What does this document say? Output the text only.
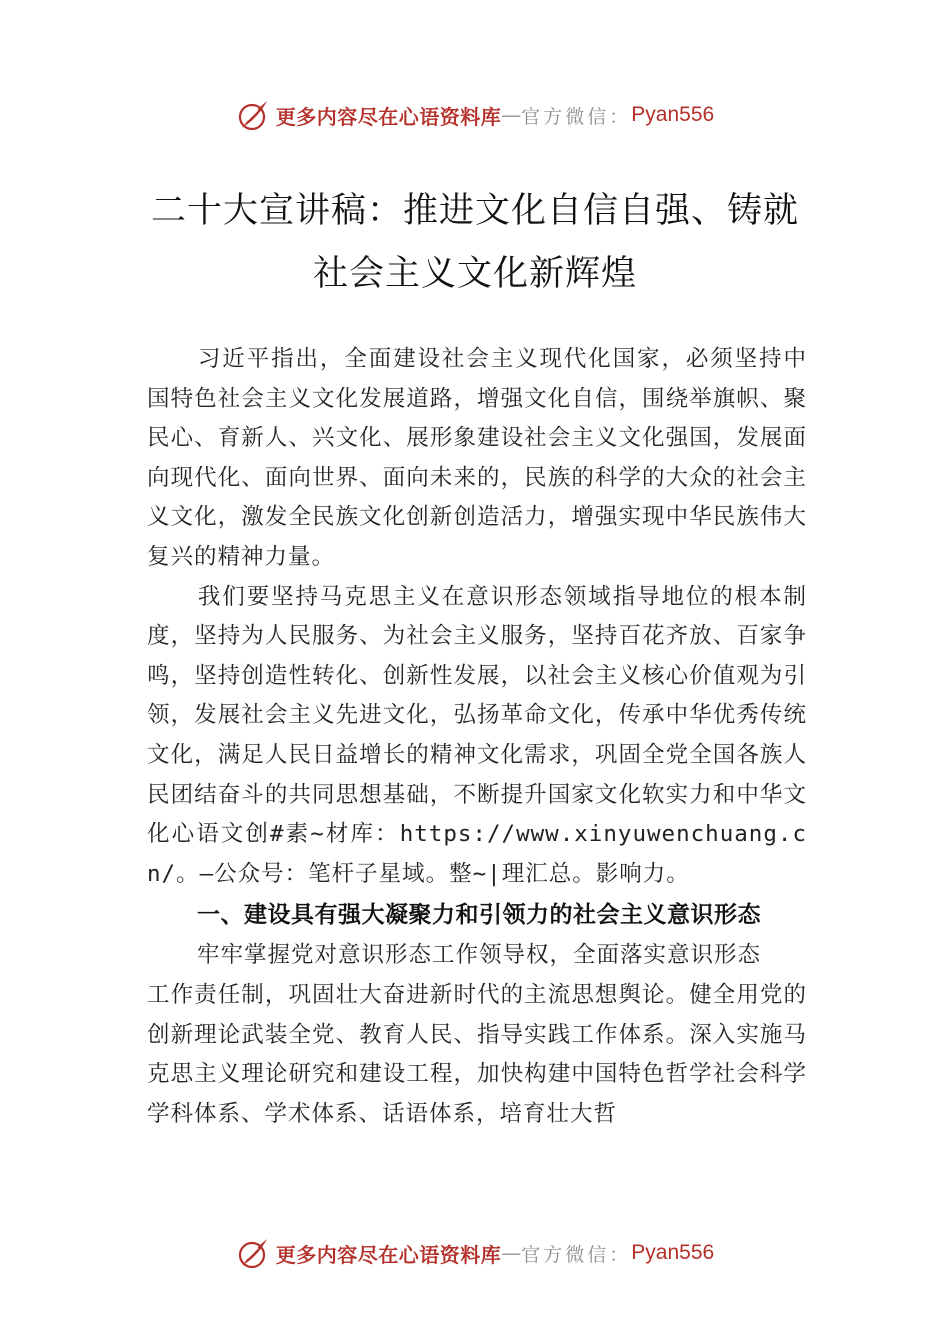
更多内容尽在心语资料库 — 官方微信： Pyan556
二十大宣讲稿：推进文化自信自强、铸就
社会主义文化新辉煌

习近平指出，全面建设社会主义现代化国家，必须坚持中国特色社会主义文化发展道路，增强文化自信，围绕举旗帜、聚民心、育新人、兴文化、展形象建设社会主义文化强国，发展面向现代化、面向世界、面向未来的，民族的科学的大众的社会主义文化，激发全民族文化创新创造活力，增强实现中华民族伟大复兴的精神力量。

我们要坚持马克思主义在意识形态领域指导地位的根本制度，坚持为人民服务、为社会主义服务，坚持百花齐放、百家争鸣，坚持创造性转化、创新性发展，以社会主义核心价值观为引领，发展社会主义先进文化，弘扬革命文化，传承中华优秀传统文化，满足人民日益增长的精神文化需求，巩固全党全国各族人民团结奋斗的共同思想基础，不断提升国家文化软实力和中华文化心语文创#素~材库：https://www.xinyuwenchuang.cn/。—公众号：笔杆子星域。整~|理汇总。影响力。

一、建设具有强大凝聚力和引领力的社会主义意识形态

牢牢掌握党对意识形态工作领导权，全面落实意识形态
工作责任制，巩固壮大奋进新时代的主流思想舆论。健全用党的创新理论武装全党、教育人民、指导实践工作体系。深入实施马克思主义理论研究和建设工程，加快构建中国特色哲学社会科学学科体系、学术体系、话语体系，培育壮大哲

更多内容尽在心语资料库 — 官方微信： Pyan556
